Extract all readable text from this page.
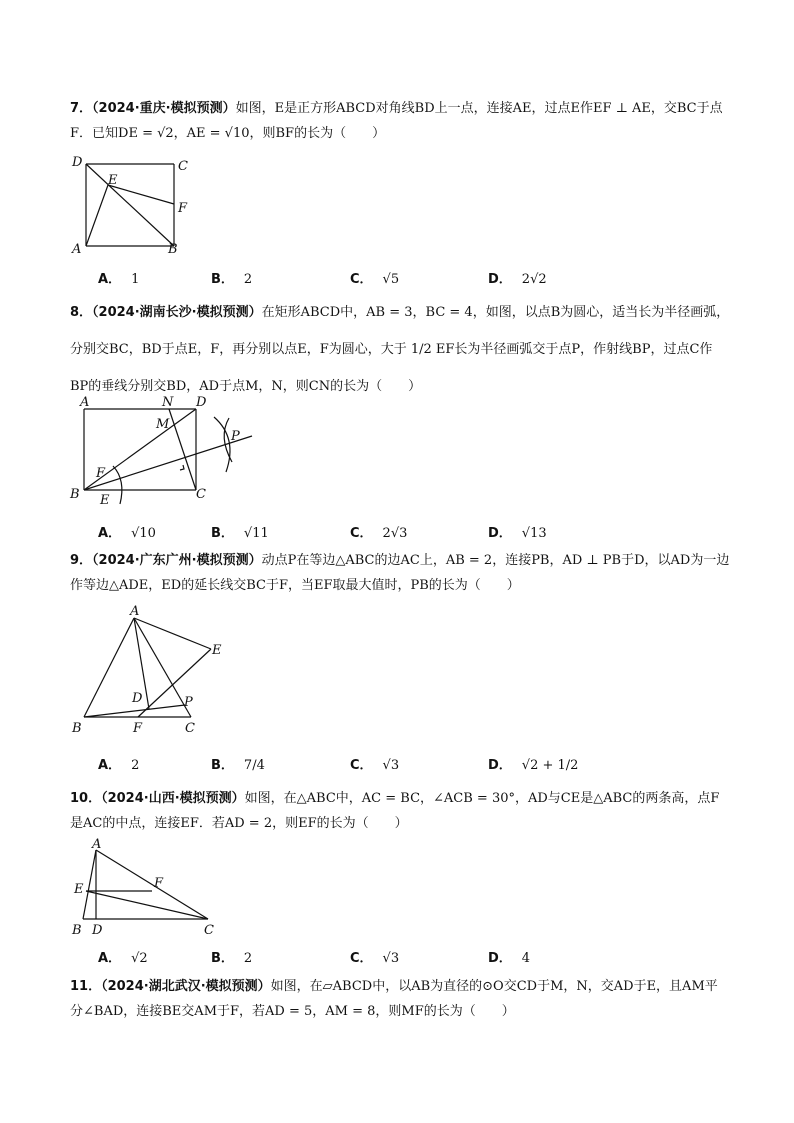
7．（2024·重庆·模拟预测）如图，E是正方形ABCD对角线BD上一点，连接AE，过点E作EF ⊥ AE，交BC于点F．已知DE = √2，AE = √10，则BF的长为（　　）

D	C
E
F
A	B
A． 1	B． 2	C． √5	D． 2√2

8．（2024·湖南长沙·模拟预测）在矩形ABCD中，AB = 3，BC = 4，如图，以点B为圆心，适当长为半径画弧，分别交BC，BD于点E，F，再分别以点E，F为圆心，大于 1/2 EF长为半径画弧交于点P，作射线BP，过点C作BP的垂线分别交BD，AD于点M，N，则CN的长为（　　）

A	N D
M
P
F
B E	C
A． √10	B． √11	C． 2√3	D． √13

9．（2024·广东广州·模拟预测）动点P在等边△ABC的边AC上，AB = 2，连接PB，AD ⊥ PB于D，以AD为一边作等边△ADE，ED的延长线交BC于F，当EF取最大值时，PB的长为（　　）

A
E
D	P
B	F	C
A． 2	B． 7/4	C． √3	D． √2 + 1/2

10．（2024·山西·模拟预测）如图，在△ABC中，AC = BC，∠ACB = 30°，AD与CE是△ABC的两条高，点F是AC的中点，连接EF．若AD = 2，则EF的长为（　　）

A
E	F
B D	C
A． √2	B． 2	C． √3	D． 4

11．（2024·湖北武汉·模拟预测）如图，在▱ABCD中，以AB为直径的⊙O交CD于M，N，交AD于E，且AM平分∠BAD，连接BE交AM于F，若AD = 5，AM = 8，则MF的长为（　　）
